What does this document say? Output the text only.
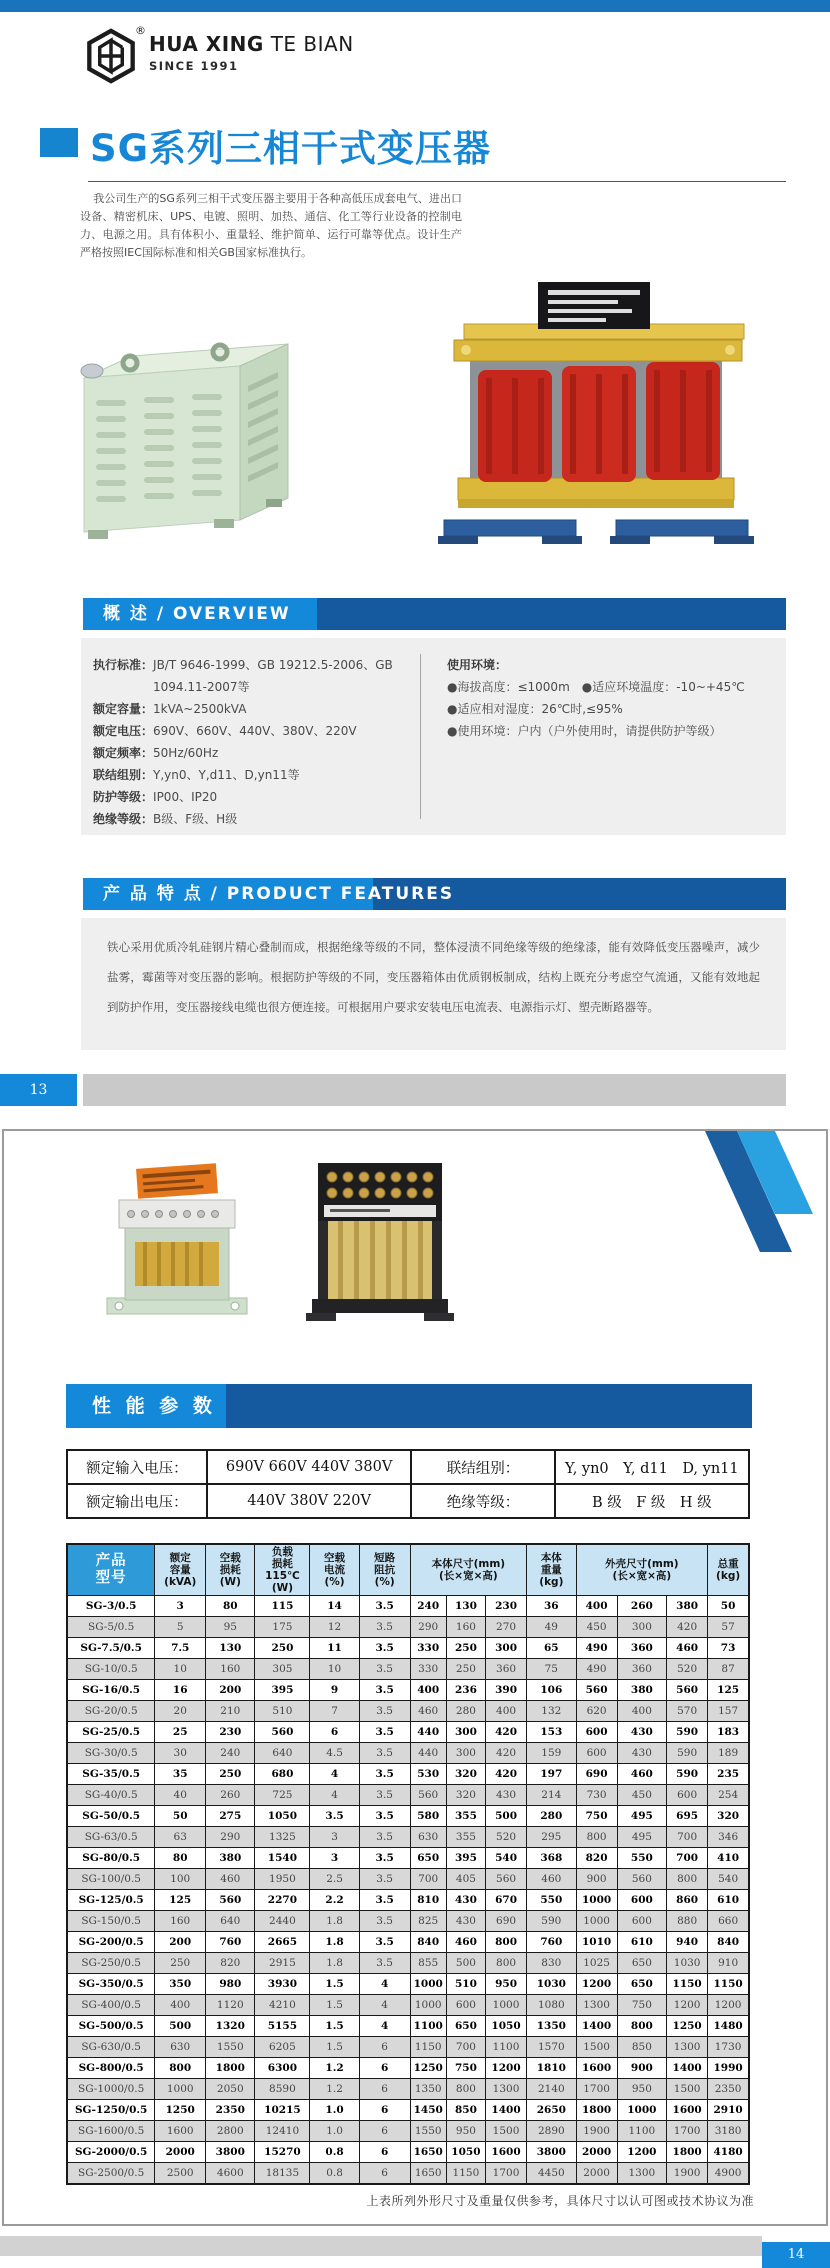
®
HUA XING TE BIAN
SINCE 1991
SG系列三相干式变压器

我公司生产的SG系列三相干式变压器主要用于各种高低压成套电气、进出口设备、精密机床、UPS、电镀、照明、加热、通信、化工等行业设备的控制电力、电源之用。具有体积小、重量轻、维护简单、运行可靠等优点。设计生产严格按照IEC国际标准和相关GB国家标准执行。

概 述 / OVERVIEW
执行标准 ： JB/T 9646-1999、GB 19212.5-2006、GB 1094.11-2007等
额定容量 ： 1kVA~2500kVA
额定电压 ： 690V、660V、440V、380V、220V
额定频率 ： 50Hz/60Hz
联结组别 ： Y,yn0、Y,d11、D,yn11等
防护等级 ： IP00、IP20
绝缘等级 ： B级、F级、H级
使用环境：
●海拔高度：≤1000m　●适应环境温度：-10~+45℃
●适应相对湿度：26℃时,≤95%
●使用环境：户内（户外使用时，请提供防护等级）
产 品 特 点 / PRODUCT FEATURES

铁心采用优质冷轧硅钢片精心叠制而成，根据绝缘等级的不同，整体浸渍不同绝缘等级的绝缘漆，能有效降低变压器噪声，减少盐雾，霉菌等对变压器的影响。根据防护等级的不同，变压器箱体由优质钢板制成，结构上既充分考虑空气流通，又能有效地起到防护作用，变压器接线电缆也很方便连接。可根据用户要求安装电压电流表、电源指示灯、塑壳断路器等。

13
性 能 参 数
额定输入电压：	690V 660V 440V 380V	联结组别：	Y, yn0　Y, d11　D, yn11
额定输出电压：	440V 380V 220V	绝缘等级：	B 级　F 级　H 级
产品
型号	额定
容量
(kVA)	空载
损耗
(W)	负载
损耗
115℃
(W)	空载
电流
(%)	短路
阻抗
(%)	本体尺寸(mm)
(长×宽×高)			本体
重量
(kg)	外壳尺寸(mm)
(长×宽×高)			总重
(kg)
SG-3/0.5	3	80	115	14	3.5	240	130	230	36	400	260	380	50
SG-5/0.5	5	95	175	12	3.5	290	160	270	49	450	300	420	57
SG-7.5/0.5	7.5	130	250	11	3.5	330	250	300	65	490	360	460	73
SG-10/0.5	10	160	305	10	3.5	330	250	360	75	490	360	520	87
SG-16/0.5	16	200	395	9	3.5	400	236	390	106	560	380	560	125
SG-20/0.5	20	210	510	7	3.5	460	280	400	132	620	400	570	157
SG-25/0.5	25	230	560	6	3.5	440	300	420	153	600	430	590	183
SG-30/0.5	30	240	640	4.5	3.5	440	300	420	159	600	430	590	189
SG-35/0.5	35	250	680	4	3.5	530	320	420	197	690	460	590	235
SG-40/0.5	40	260	725	4	3.5	560	320	430	214	730	450	600	254
SG-50/0.5	50	275	1050	3.5	3.5	580	355	500	280	750	495	695	320
SG-63/0.5	63	290	1325	3	3.5	630	355	520	295	800	495	700	346
SG-80/0.5	80	380	1540	3	3.5	650	395	540	368	820	550	700	410
SG-100/0.5	100	460	1950	2.5	3.5	700	405	560	460	900	560	800	540
SG-125/0.5	125	560	2270	2.2	3.5	810	430	670	550	1000	600	860	610
SG-150/0.5	160	640	2440	1.8	3.5	825	430	690	590	1000	600	880	660
SG-200/0.5	200	760	2665	1.8	3.5	840	460	800	760	1010	610	940	840
SG-250/0.5	250	820	2915	1.8	3.5	855	500	800	830	1025	650	1030	910
SG-350/0.5	350	980	3930	1.5	4	1000	510	950	1030	1200	650	1150	1150
SG-400/0.5	400	1120	4210	1.5	4	1000	600	1000	1080	1300	750	1200	1200
SG-500/0.5	500	1320	5155	1.5	4	1100	650	1050	1350	1400	800	1250	1480
SG-630/0.5	630	1550	6205	1.5	6	1150	700	1100	1570	1500	850	1300	1730
SG-800/0.5	800	1800	6300	1.2	6	1250	750	1200	1810	1600	900	1400	1990
SG-1000/0.5	1000	2050	8590	1.2	6	1350	800	1300	2140	1700	950	1500	2350
SG-1250/0.5	1250	2350	10215	1.0	6	1450	850	1400	2650	1800	1000	1600	2910
SG-1600/0.5	1600	2800	12410	1.0	6	1550	950	1500	2890	1900	1100	1700	3180
SG-2000/0.5	2000	3800	15270	0.8	6	1650	1050	1600	3800	2000	1200	1800	4180
SG-2500/0.5	2500	4600	18135	0.8	6	1650	1150	1700	4450	2000	1300	1900	4900
上表所列外形尺寸及重量仅供参考，具体尺寸以认可图或技术协议为准
14
